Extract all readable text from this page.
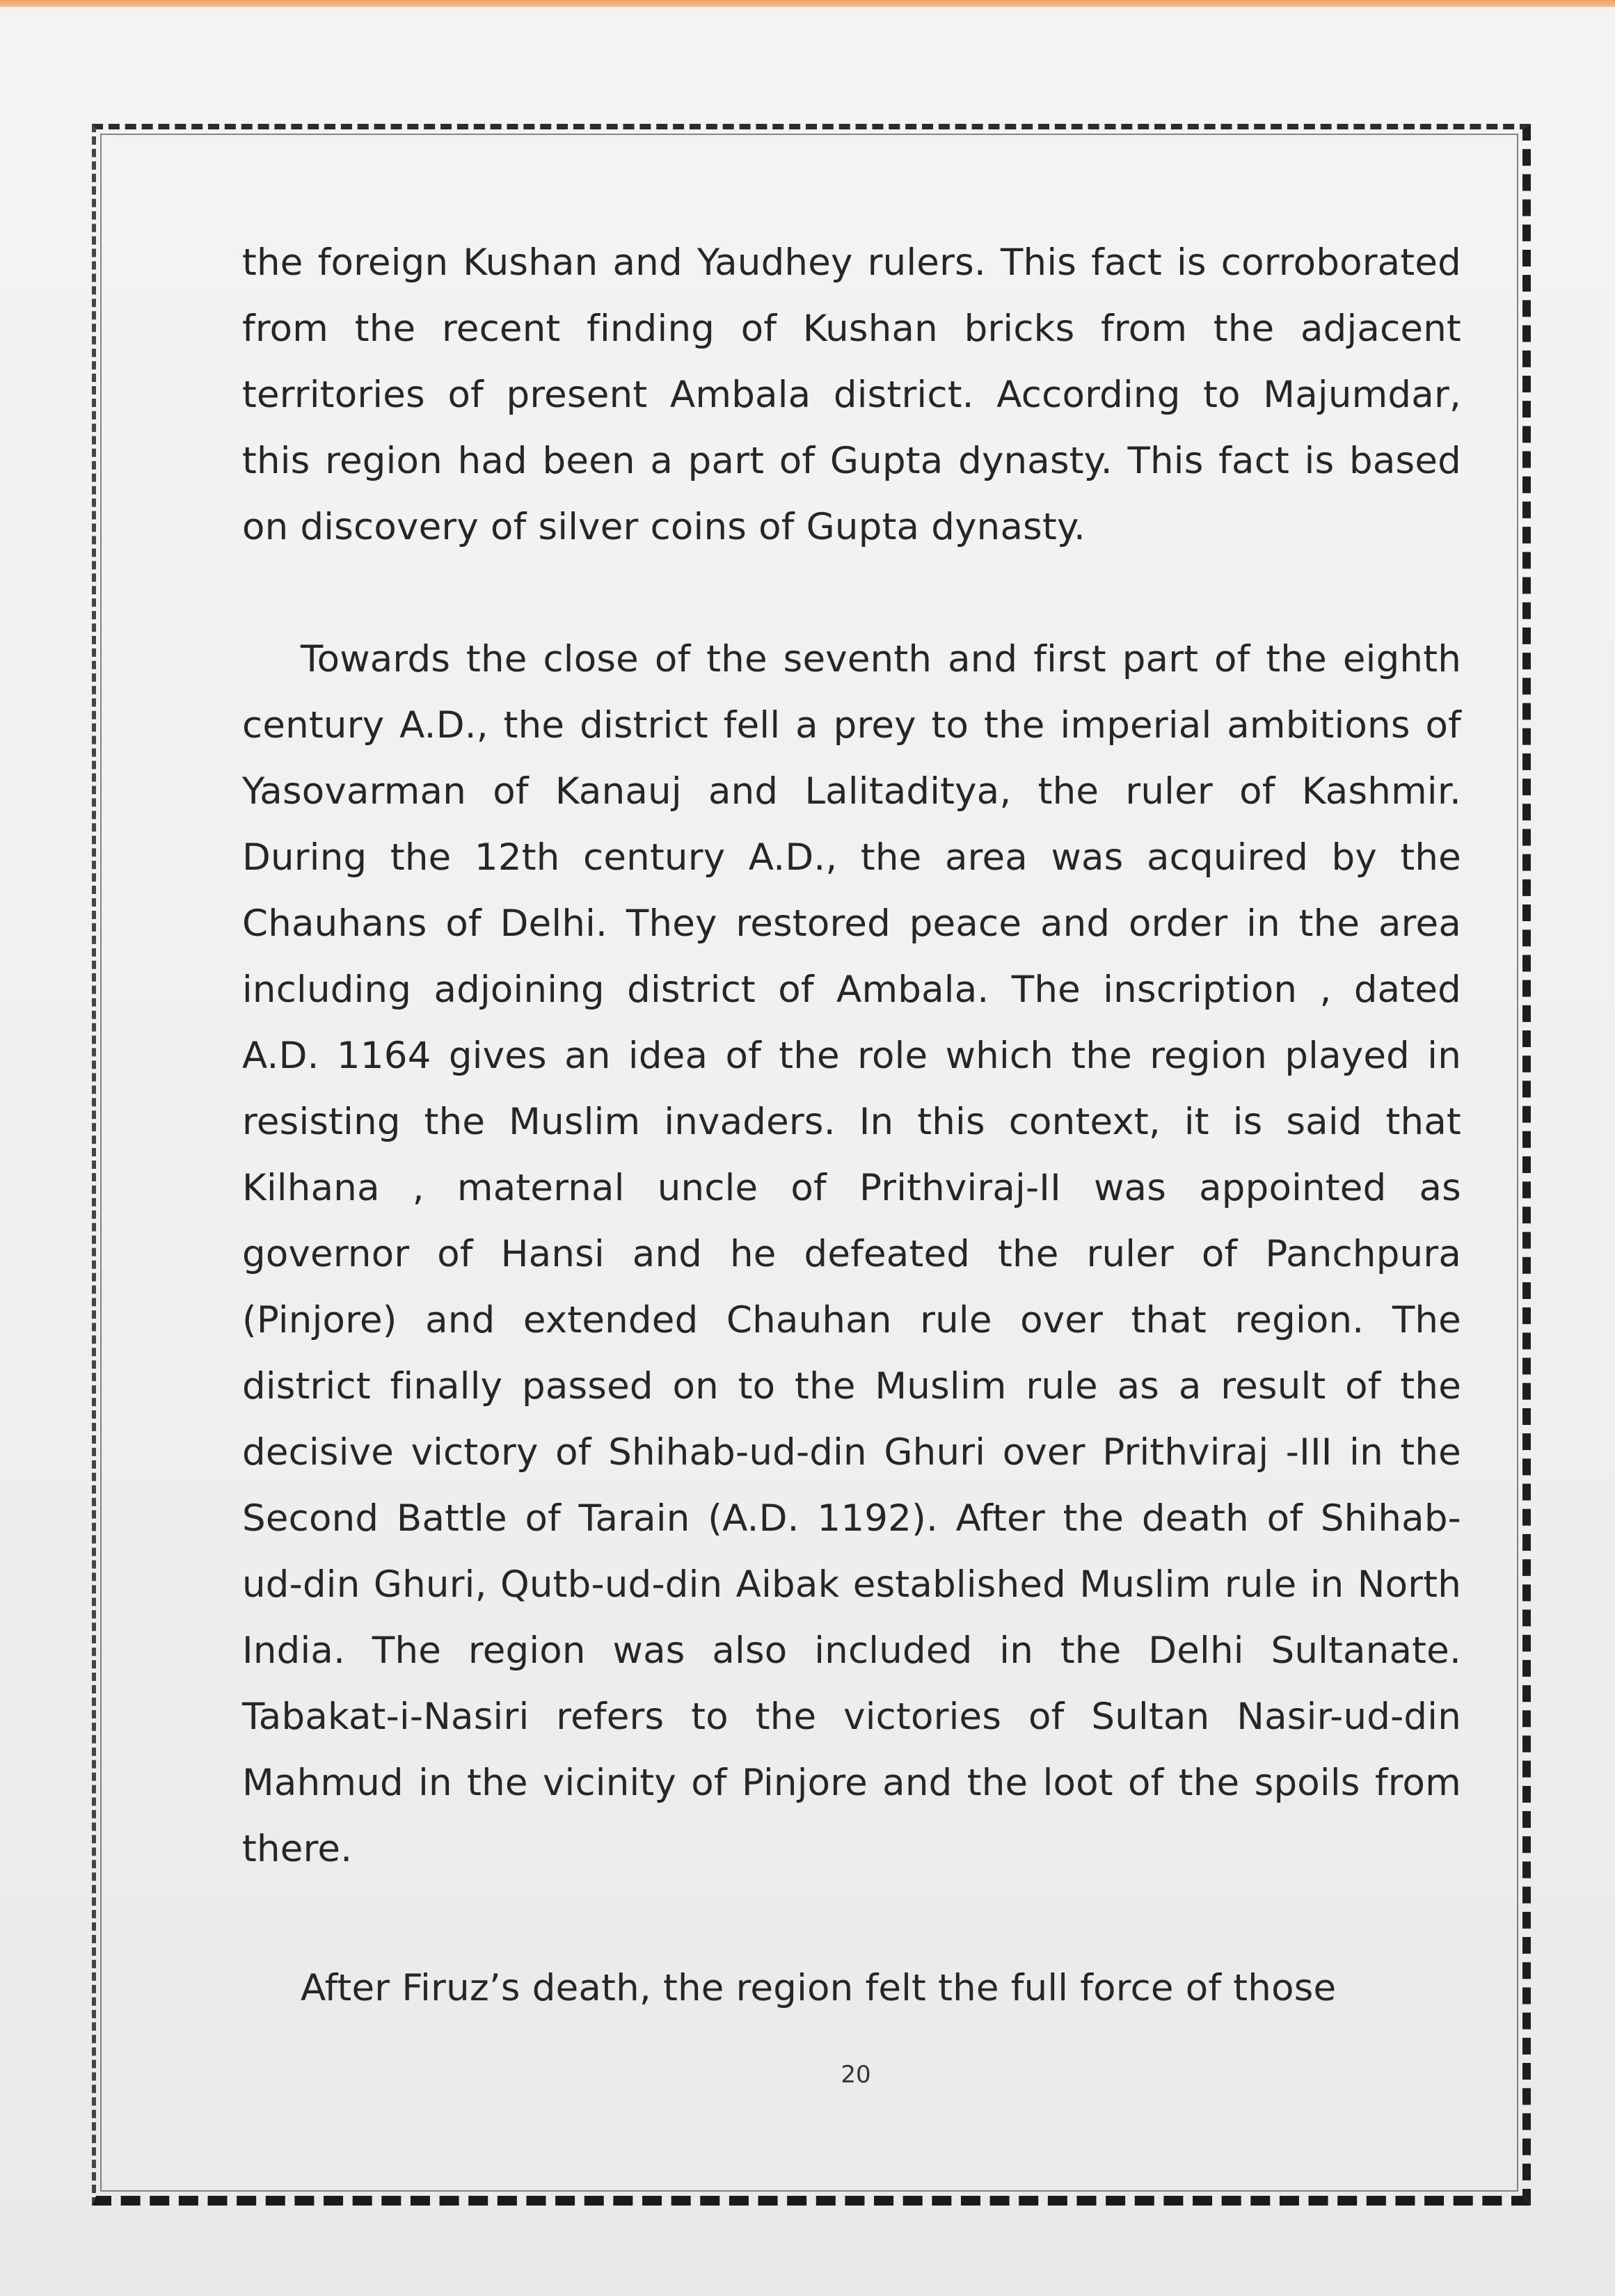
the foreign Kushan and Yaudhey rulers. This fact is corroborated from the recent finding of Kushan bricks from the adjacent territories of present Ambala district. According to Majumdar, this region had been a part of Gupta dynasty. This fact is based on discovery of silver coins of Gupta dynasty.

Towards the close of the seventh and first part of the eighth century A.D., the district fell a prey to the imperial ambitions of Yasovarman of Kanauj and Lalitaditya, the ruler of Kashmir. During the 12th century A.D., the area was acquired by the Chauhans of Delhi. They restored peace and order in the area including adjoining district of Ambala. The inscription , dated A.D. 1164 gives an idea of the role which the region played in resisting the Muslim invaders. In this context, it is said that Kilhana , maternal uncle of Prithviraj-II was appointed as governor of Hansi and he defeated the ruler of Panchpura (Pinjore) and extended Chauhan rule over that region. The district finally passed on to the Muslim rule as a result of the decisive victory of Shihab-ud-din Ghuri over Prithviraj -III in the Second Battle of Tarain (A.D. 1192). After the death of Shihab-ud-din Ghuri, Qutb-ud-din Aibak established Muslim rule in North India. The region was also included in the Delhi Sultanate. Tabakat-i-Nasiri refers to the victories of Sultan Nasir-ud-din Mahmud in the vicinity of Pinjore and the loot of the spoils from there.

After Firuz’s death, the region felt the full force of those

20
